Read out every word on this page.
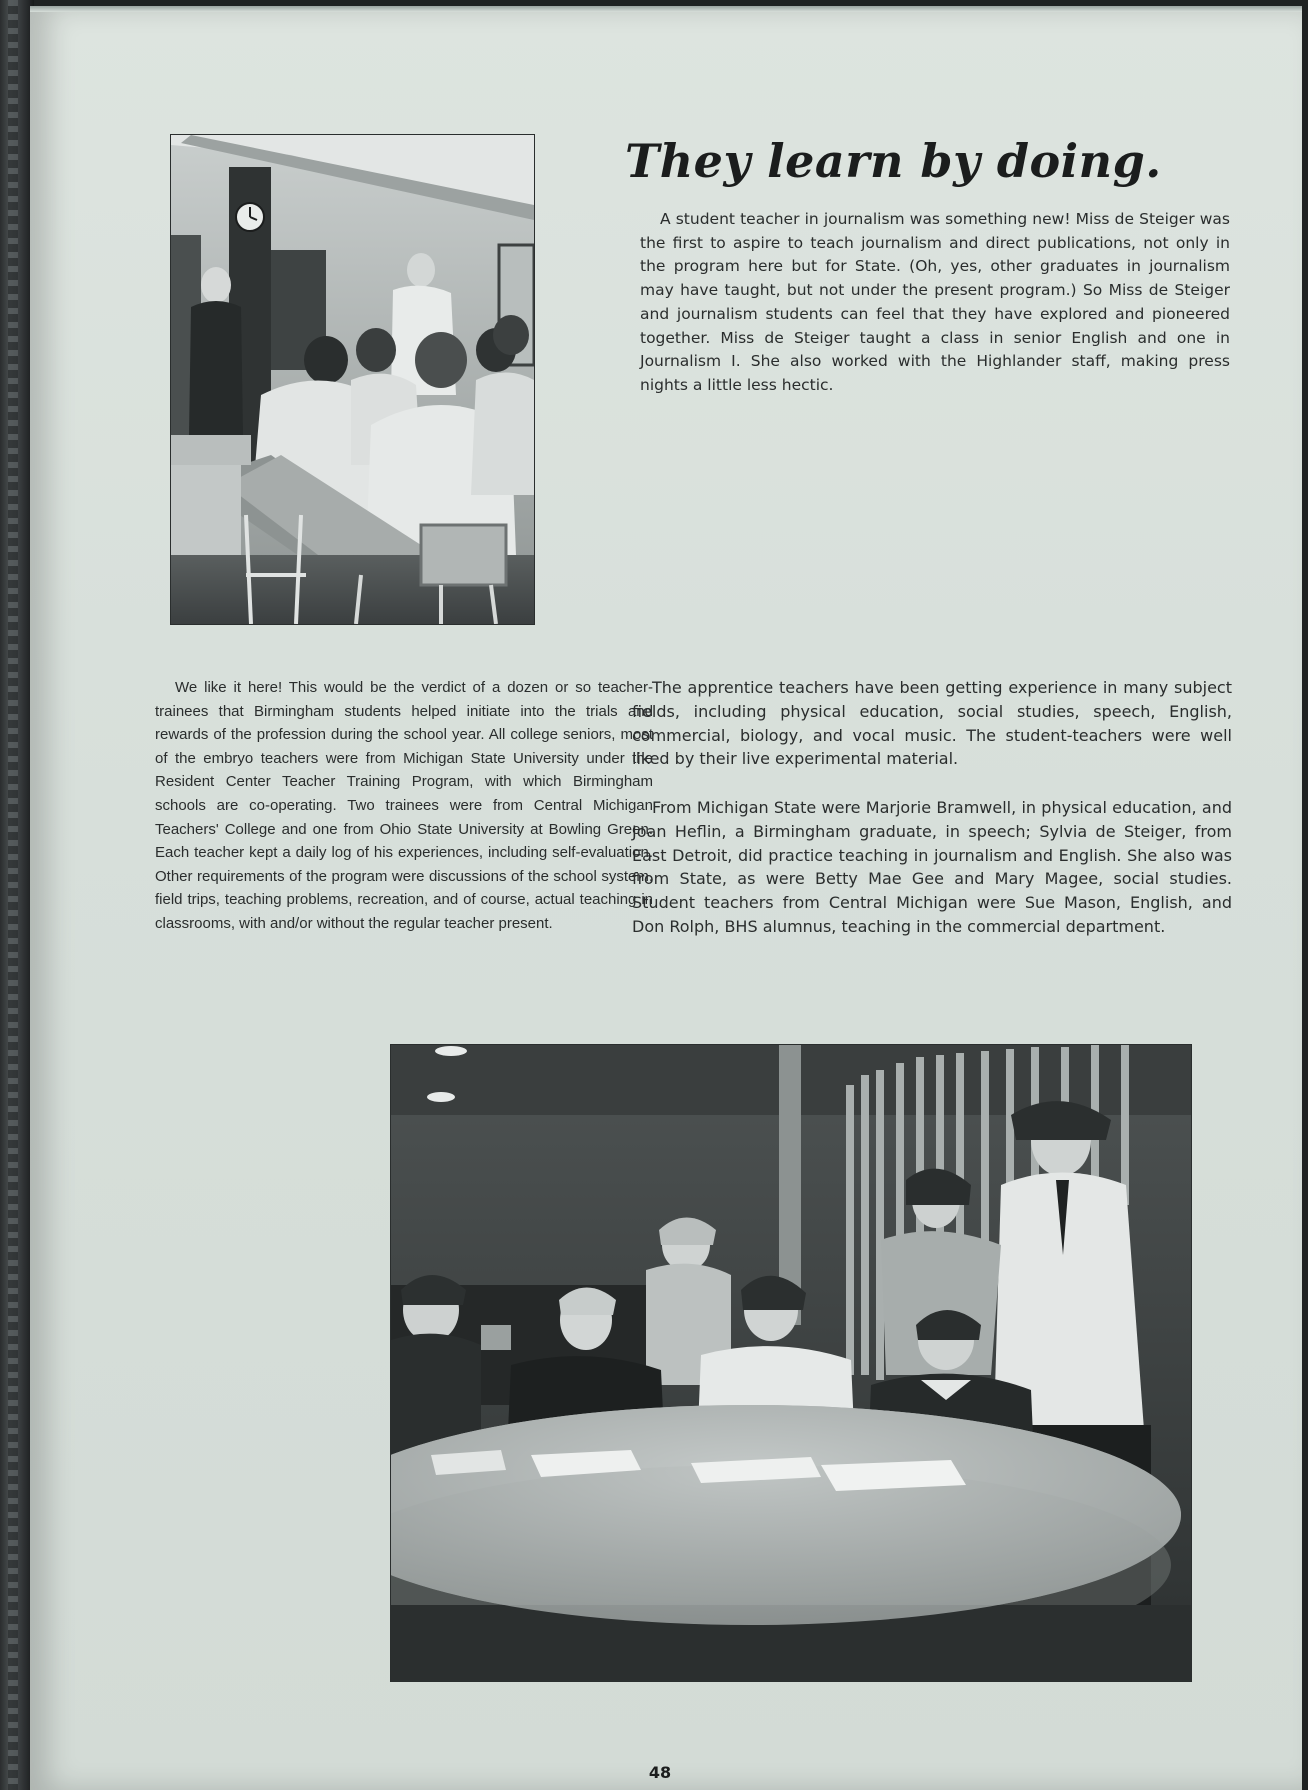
They learn by doing.

A student teacher in journalism was something new! Miss de Steiger was the first to aspire to teach journalism and direct publications, not only in the program here but for State. (Oh, yes, other graduates in journalism may have taught, but not under the present program.) So Miss de Steiger and journalism students can feel that they have explored and pioneered together. Miss de Steiger taught a class in senior English and one in Journalism I. She also worked with the Highlander staff, making press nights a little less hectic.

We like it here! This would be the verdict of a dozen or so teacher-trainees that Birmingham students helped initiate into the trials and rewards of the profession during the school year. All college seniors, most of the embryo teachers were from Michigan State University under the Resident Center Teacher Training Program, with which Birmingham schools are co-operating. Two trainees were from Central Michigan Teachers' College and one from Ohio State University at Bowling Green. Each teacher kept a daily log of his experiences, including self-evaluation. Other requirements of the program were discussions of the school system, field trips, teaching problems, recreation, and of course, actual teaching in classrooms, with and/or without the regular teacher present.

The apprentice teachers have been getting experience in many subject fields, including physical education, social studies, speech, English, commercial, biology, and vocal music. The student-teachers were well liked by their live experimental material.

From Michigan State were Marjorie Bramwell, in physical education, and Joan Heflin, a Birmingham graduate, in speech; Sylvia de Steiger, from East Detroit, did practice teaching in journalism and English. She also was from State, as were Betty Mae Gee and Mary Magee, social studies. Student teachers from Central Michigan were Sue Mason, English, and Don Rolph, BHS alumnus, teaching in the commercial department.

48
